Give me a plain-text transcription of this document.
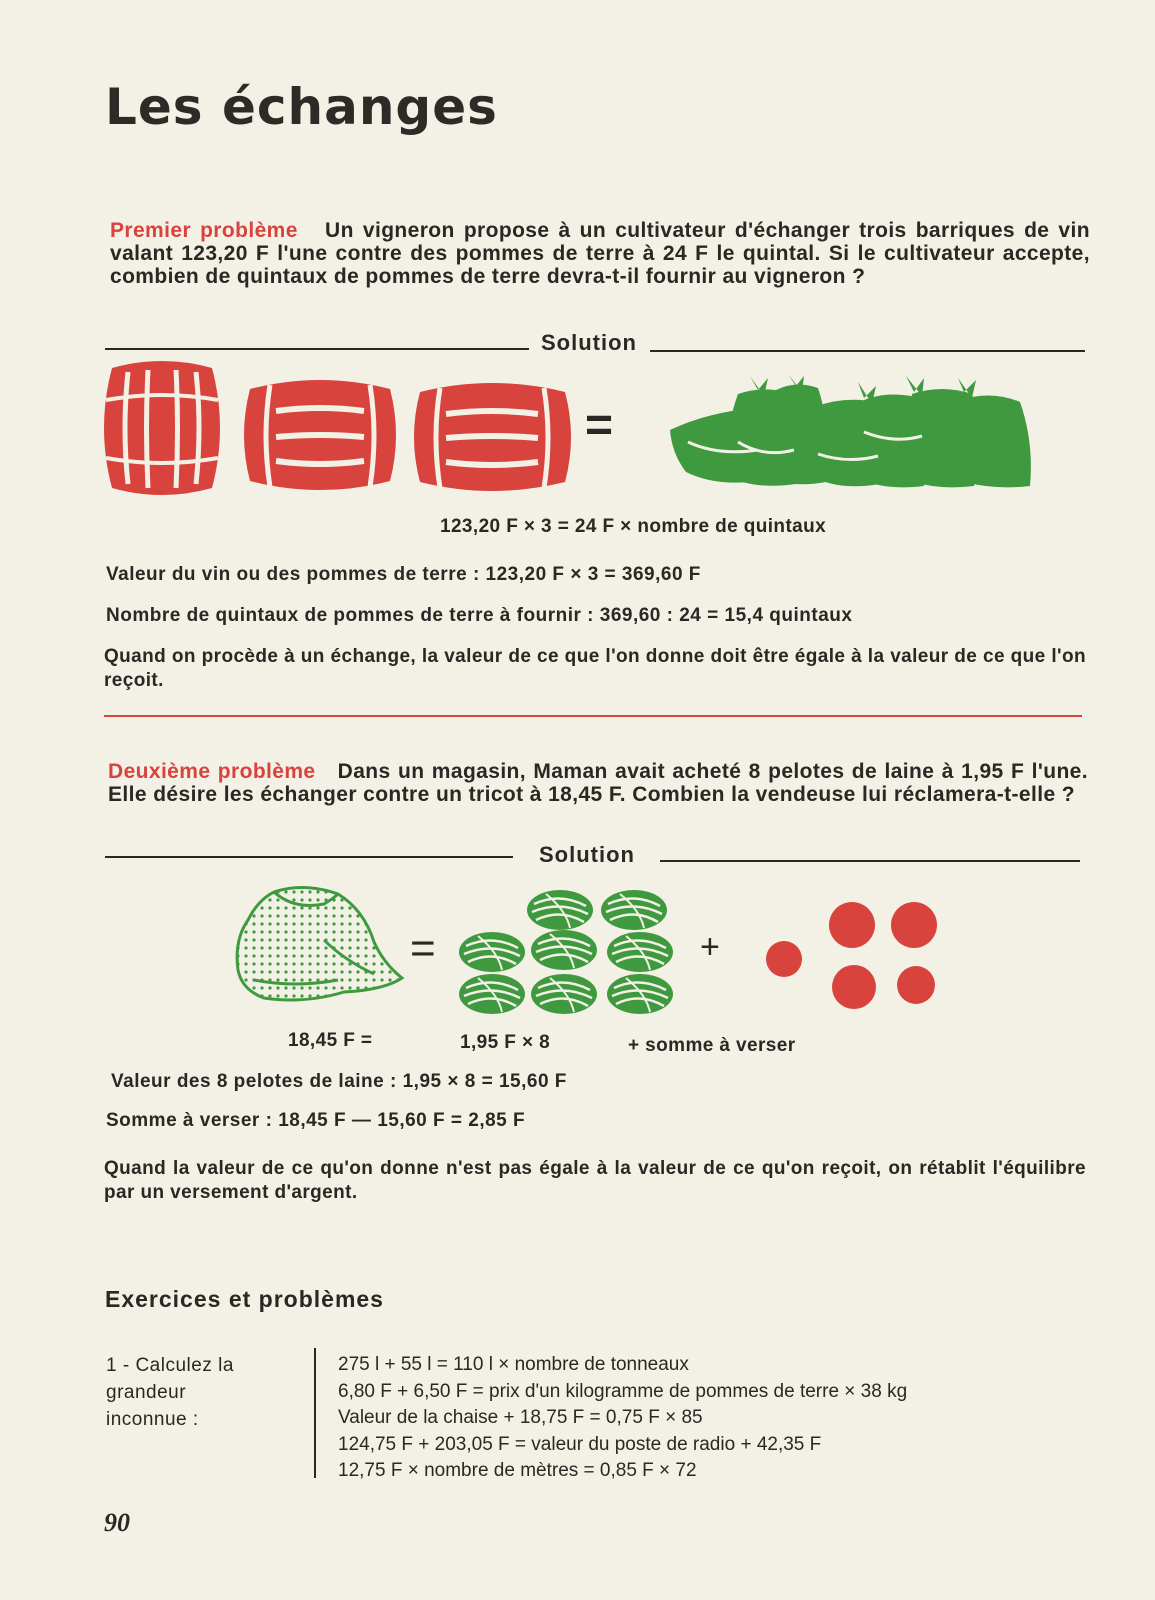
Les échanges
Premier problème Un vigneron propose à un cultivateur d'échanger trois barriques de vin valant 123,20 F l'une contre des pommes de terre à 24 F le quintal. Si le cultivateur accepte, combien de quintaux de pommes de terre devra-t-il fournir au vigneron ?
Solution
=
123,20 F × 3 = 24 F × nombre de quintaux
Valeur du vin ou des pommes de terre : 123,20 F × 3 = 369,60 F
Nombre de quintaux de pommes de terre à fournir : 369,60 : 24 = 15,4 quintaux
Quand on procède à un échange, la valeur de ce que l'on donne doit être égale à la valeur de ce que l'on reçoit.
Deuxième problème Dans un magasin, Maman avait acheté 8 pelotes de laine à 1,95 F l'une. Elle désire les échanger contre un tricot à 18,45 F. Combien la vendeuse lui réclamera-t-elle ?
Solution
=	+
18,45 F =	1,95 F × 8	+ somme à verser
Valeur des 8 pelotes de laine : 1,95 × 8 = 15,60 F
Somme à verser : 18,45 F — 15,60 F = 2,85 F
Quand la valeur de ce qu'on donne n'est pas égale à la valeur de ce qu'on reçoit, on rétablit l'équilibre par un versement d'argent.
Exercices et problèmes
1 - Calculez la grandeur inconnue :
275 l + 55 l = 110 l × nombre de tonneaux
6,80 F + 6,50 F = prix d'un kilogramme de pommes de terre × 38 kg
Valeur de la chaise + 18,75 F = 0,75 F × 85
124,75 F + 203,05 F = valeur du poste de radio + 42,35 F
12,75 F × nombre de mètres = 0,85 F × 72
90
